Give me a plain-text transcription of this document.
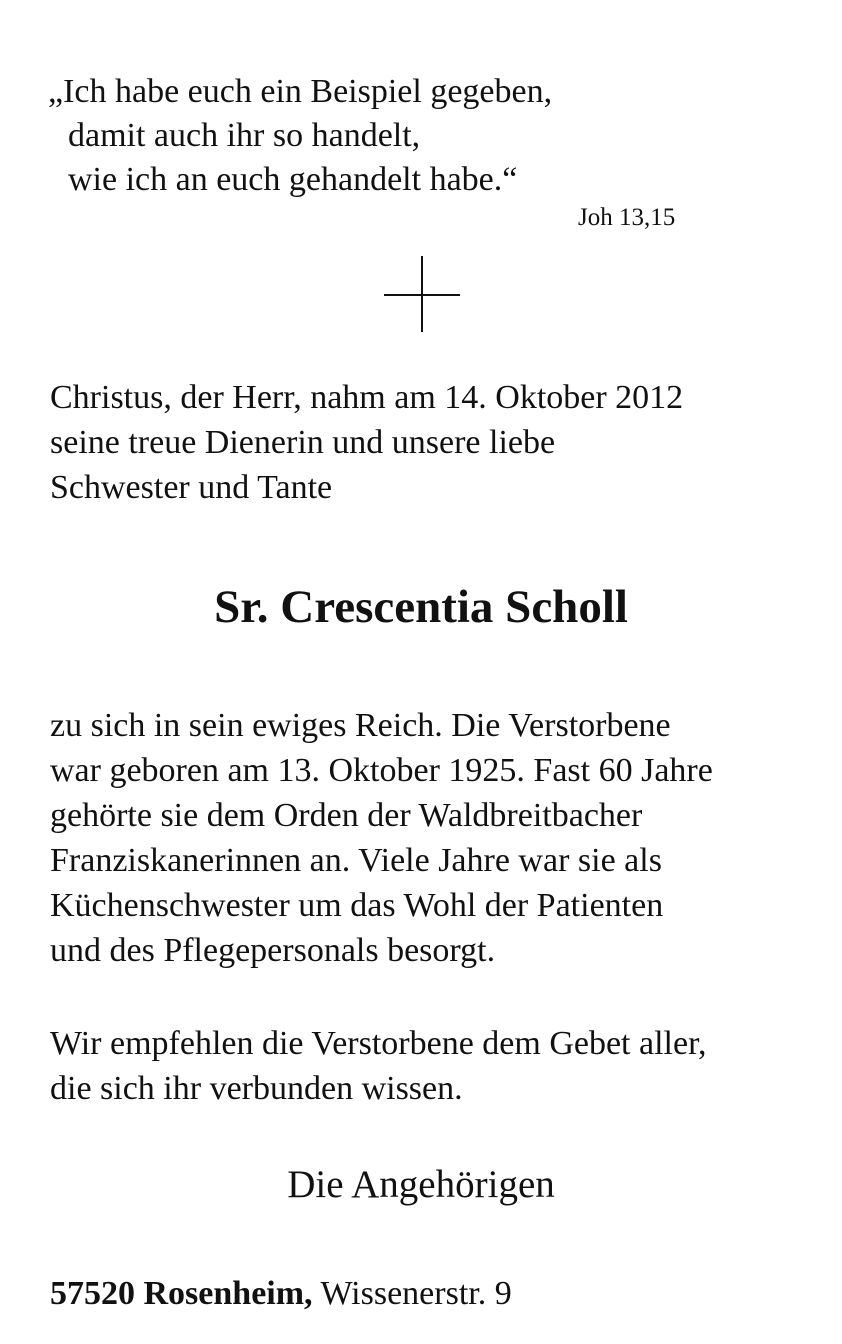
„Ich habe euch ein Beispiel gegeben,
damit auch ihr so handelt,
wie ich an euch gehandelt habe.“
Joh 13,15
Christus, der Herr, nahm am 14. Oktober 2012
seine treue Dienerin und unsere liebe
Schwester und Tante
Sr. Crescentia Scholl
zu sich in sein ewiges Reich. Die Verstorbene
war geboren am 13. Oktober 1925. Fast 60 Jahre
gehörte sie dem Orden der Waldbreitbacher
Franziskanerinnen an. Viele Jahre war sie als
Küchenschwester um das Wohl der Patienten
und des Pflegepersonals besorgt.
Wir empfehlen die Verstorbene dem Gebet aller,
die sich ihr verbunden wissen.
Die Angehörigen
57520 Rosenheim, Wissenerstr. 9
